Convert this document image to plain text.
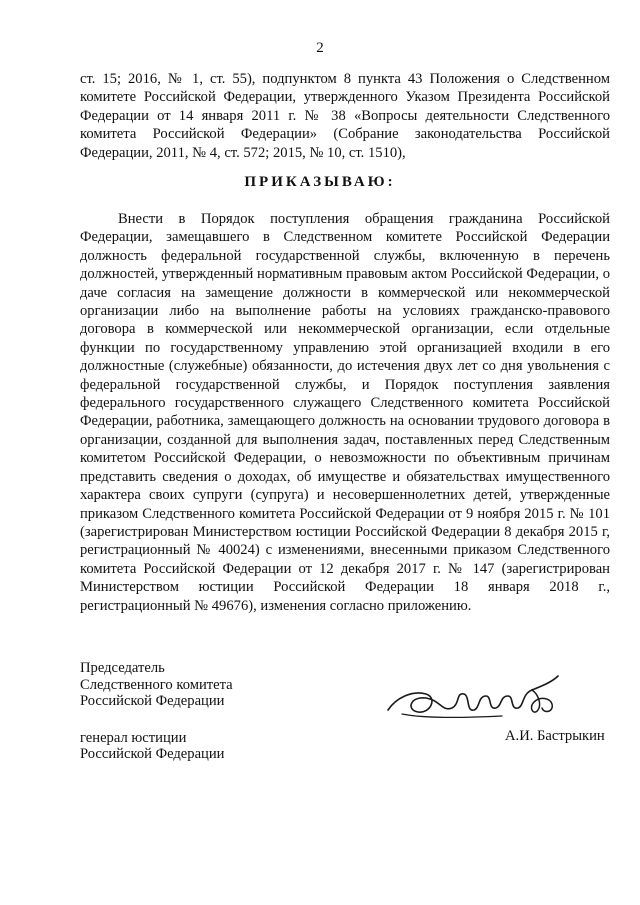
2
ст. 15; 2016, № 1, ст. 55), подпунктом 8 пункта 43 Положения о Следственном комитете Российской Федерации, утвержденного Указом Президента Российской Федерации от 14 января 2011 г. № 38 «Вопросы деятельности Следственного комитета Российской Федерации» (Собрание законодательства Российской Федерации, 2011, № 4, ст. 572; 2015, № 10, ст. 1510),
ПРИКАЗЫВАЮ:
Внести в Порядок поступления обращения гражданина Российской Федерации, замещавшего в Следственном комитете Российской Федерации должность федеральной государственной службы, включенную в перечень должностей, утвержденный нормативным правовым актом Российской Федерации, о даче согласия на замещение должности в коммерческой или некоммерческой организации либо на выполнение работы на условиях гражданско-правового договора в коммерческой или некоммерческой организации, если отдельные функции по государственному управлению этой организацией входили в его должностные (служебные) обязанности, до истечения двух лет со дня увольнения с федеральной государственной службы, и Порядок поступления заявления федерального государственного служащего Следственного комитета Российской Федерации, работника, замещающего должность на основании трудового договора в организации, созданной для выполнения задач, поставленных перед Следственным комитетом Российской Федерации, о невозможности по объективным причинам представить сведения о доходах, об имуществе и обязательствах имущественного характера своих супруги (супруга) и несовершеннолетних детей, утвержденные приказом Следственного комитета Российской Федерации от 9 ноября 2015 г. № 101 (зарегистрирован Министерством юстиции Российской Федерации 8 декабря 2015 г, регистрационный № 40024) с изменениями, внесенными приказом Следственного комитета Российской Федерации от 12 декабря 2017 г. № 147 (зарегистрирован Министерством юстиции Российской Федерации 18 января 2018 г., регистрационный № 49676), изменения согласно приложению.
Председатель
Следственного комитета
Российской Федерации
генерал юстиции
Российской Федерации
А.И. Бастрыкин
